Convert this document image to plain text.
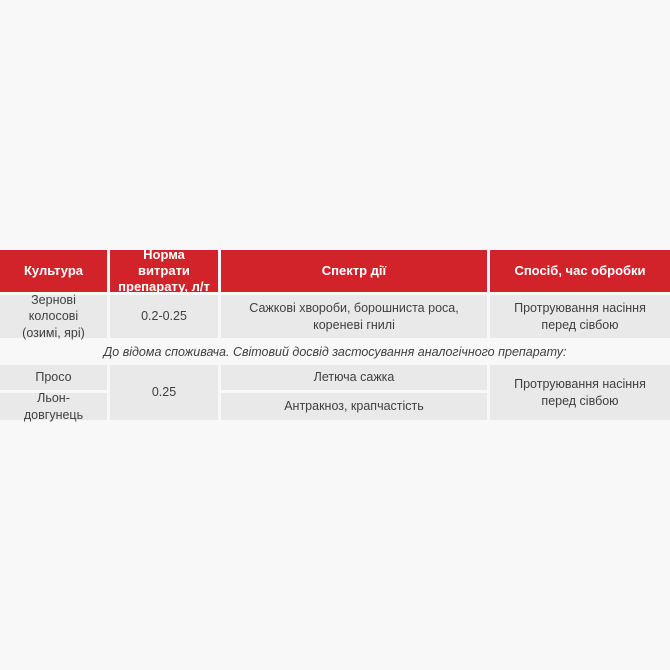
Культура
Норма витрати препарату, л/т
Спектр дії	Спосіб, час обробки
Зернові колосові (озимі, ярі)
0.2-0.25
Сажкові хвороби, борошниста роса, кореневі гнилі
Протруювання насіння перед сівбою
До відома споживача. Світовий досвід застосування аналогічного препарату:
Просо
0.25
Летюча сажка	Протруювання насіння перед сівбою
Льон-довгунець
Антракноз, крапчастість
